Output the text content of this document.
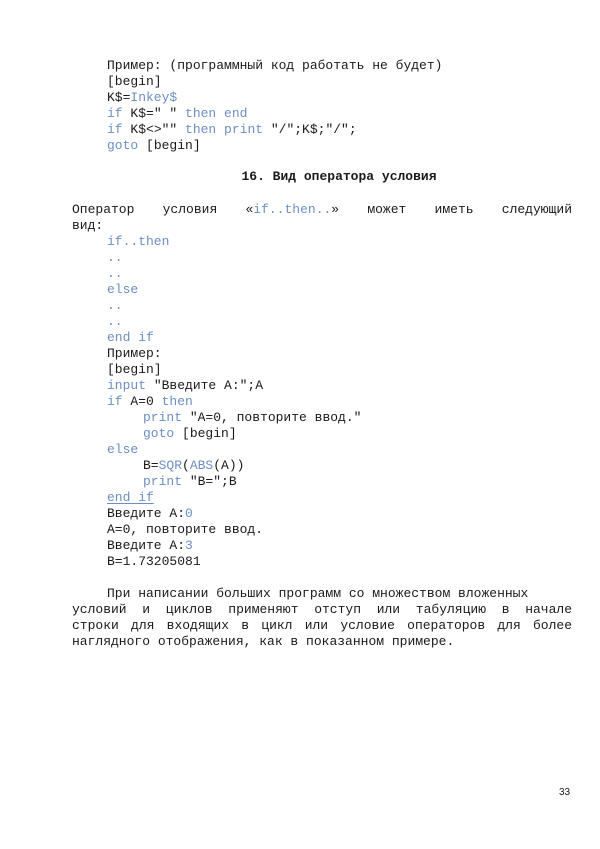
Пример: (программный код работать не будет)
[begin]
K$=Inkey$
if K$=" " then end
if K$<>"" then print "/";K$;"/";
goto [begin]
16. Вид оператора условия
Оператор условия «if..then..» может иметь следующий
вид:
if..then
..
..
else
..
..
end if
Пример:
[begin]
input "Введите A:";A
if A=0 then
print "A=0, повторите ввод."
goto [begin]
else
B=SQR(ABS(A))
print "B=";B
end if
Введите A:0
A=0, повторите ввод.
Введите A:3
B=1.73205081
При написании больших программ со множеством вложенных
условий и циклов применяют отступ или табуляцию в начале
строки для входящих в цикл или условие операторов для более
наглядного отображения, как в показанном примере.
33
